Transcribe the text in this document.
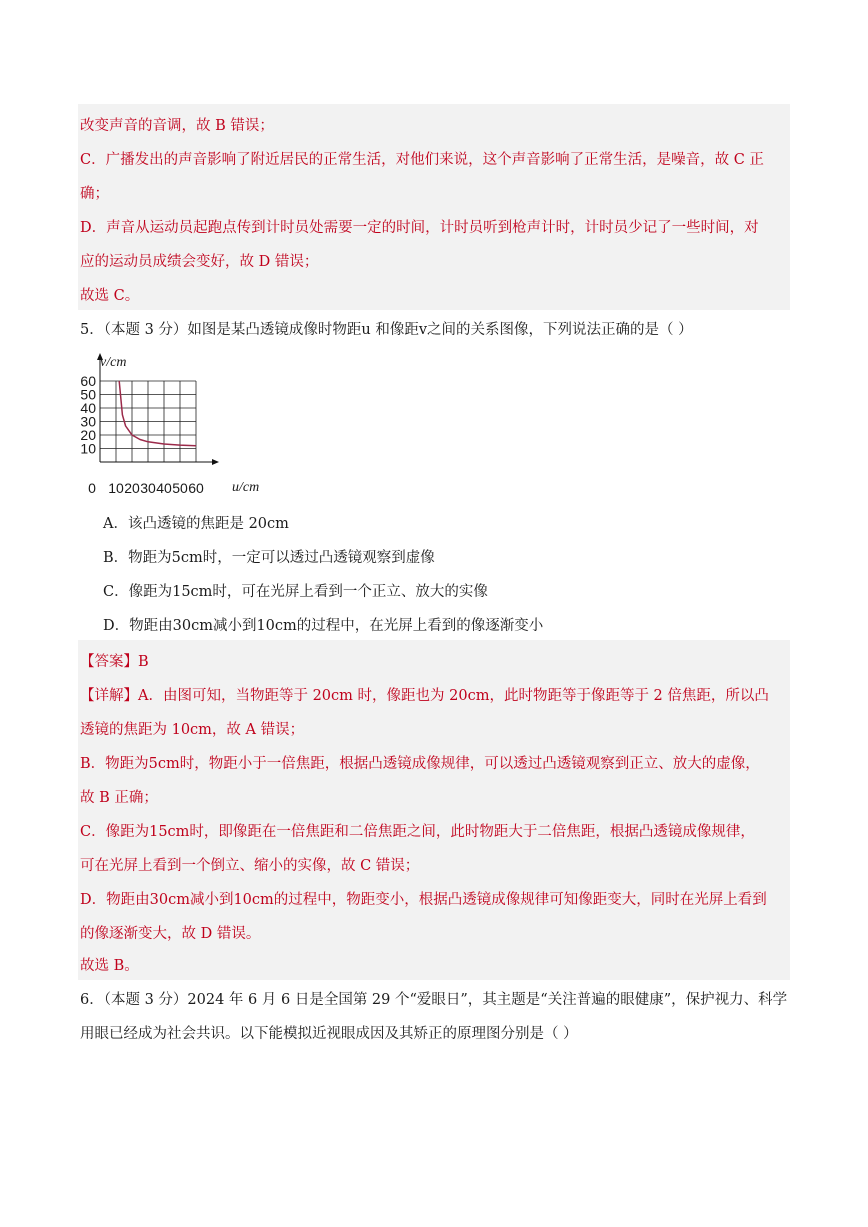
改变声音的音调，故 B 错误；
C．广播发出的声音影响了附近居民的正常生活，对他们来说，这个声音影响了正常生活，是噪音，故 C 正
确；
D．声音从运动员起跑点传到计时员处需要一定的时间，计时员听到枪声计时，计时员少记了一些时间，对
应的运动员成绩会变好，故 D 错误；
故选 C。
5．（本题 3 分）如图是某凸透镜成像时物距u 和像距v之间的关系图像，下列说法正确的是（ ）
10
20
30
40
50
60
0 10 20 30 40 50 60
v/cm
u/cm
A．该凸透镜的焦距是 20cm
B．物距为5cm时，一定可以透过凸透镜观察到虚像
C．像距为15cm时，可在光屏上看到一个正立、放大的实像
D．物距由30cm减小到10cm的过程中，在光屏上看到的像逐渐变小
【答案】B
【详解】A．由图可知，当物距等于 20cm 时，像距也为 20cm，此时物距等于像距等于 2 倍焦距，所以凸
透镜的焦距为 10cm，故 A 错误；
B．物距为5cm时，物距小于一倍焦距，根据凸透镜成像规律，可以透过凸透镜观察到正立、放大的虚像，
故 B 正确；
C．像距为15cm时，即像距在一倍焦距和二倍焦距之间，此时物距大于二倍焦距，根据凸透镜成像规律，
可在光屏上看到一个倒立、缩小的实像，故 C 错误；
D．物距由30cm减小到10cm的过程中，物距变小，根据凸透镜成像规律可知像距变大，同时在光屏上看到
的像逐渐变大，故 D 错误。
故选 B。
6．（本题 3 分）2024 年 6 月 6 日是全国第 29 个“爱眼日”，其主题是“关注普遍的眼健康”，保护视力、科学
用眼已经成为社会共识。以下能模拟近视眼成因及其矫正的原理图分别是（ ）
